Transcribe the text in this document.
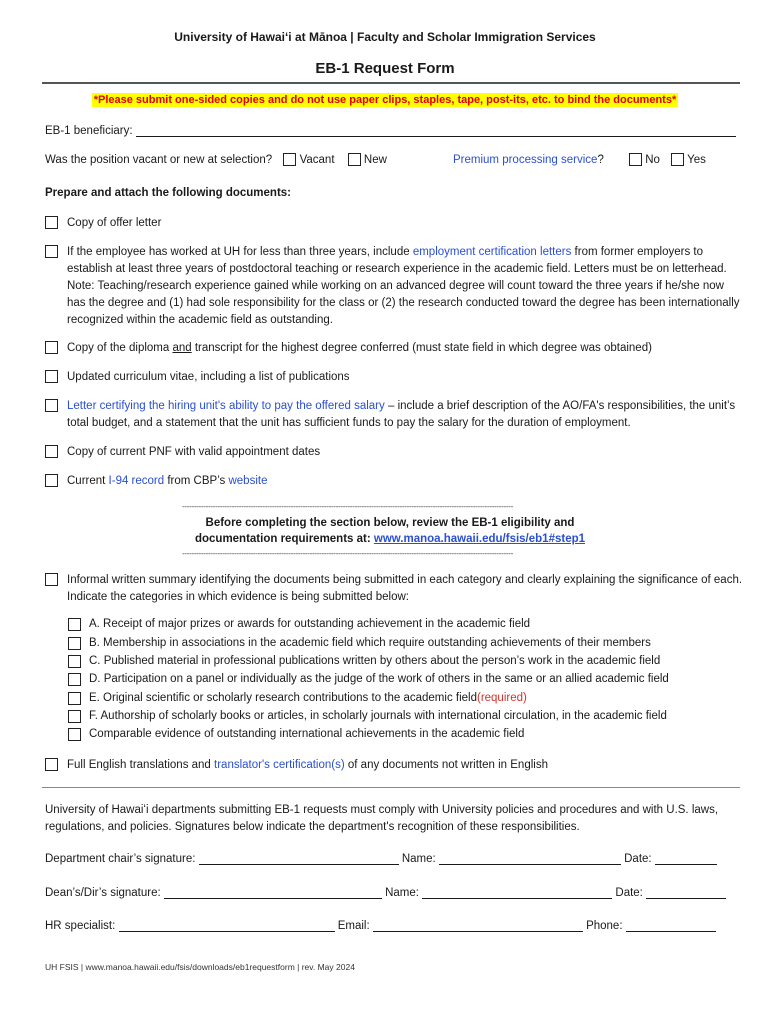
University of Hawaiʻi at Mānoa | Faculty and Scholar Immigration Services
EB-1 Request Form
*Please submit one-sided copies and do not use paper clips, staples, tape, post-its, etc. to bind the documents*
EB-1 beneficiary:
Was the position vacant or new at selection? Vacant	New	Premium processing service?	No Yes
Prepare and attach the following documents:
Copy of offer letter
If the employee has worked at UH for less than three years, include employment certification letters from former employers to establish at least three years of postdoctoral teaching or research experience in the academic field. Letters must be on letterhead. Note: Teaching/research experience gained while working on an advanced degree will count toward the three years if he/she now has the degree and (1) had sole responsibility for the class or (2) the research conducted toward the degree has been internationally recognized within the academic field as outstanding.
Copy of the diploma and transcript for the highest degree conferred (must state field in which degree was obtained)
Updated curriculum vitae, including a list of publications
Letter certifying the hiring unit's ability to pay the offered salary – include a brief description of the AO/FA's responsibilities, the unit’s total budget, and a statement that the unit has sufficient funds to pay the salary for the duration of employment.
Copy of current PNF with valid appointment dates
Current I-94 record from CBP’s website
--------------------------------------------------------------------------------------------------------------------------------------------
Before completing the section below, review the EB-1 eligibility and
documentation requirements at: www.manoa.hawaii.edu/fsis/eb1#step1
--------------------------------------------------------------------------------------------------------------------------------------------
Informal written summary identifying the documents being submitted in each category and clearly explaining the significance of each. Indicate the categories in which evidence is being submitted below:
A. Receipt of major prizes or awards for outstanding achievement in the academic field
B. Membership in associations in the academic field which require outstanding achievements of their members
C. Published material in professional publications written by others about the person’s work in the academic field
D. Participation on a panel or individually as the judge of the work of others in the same or an allied academic field
E. Original scientific or scholarly research contributions to the academic field (required)
F. Authorship of scholarly books or articles, in scholarly journals with international circulation, in the academic field
Comparable evidence of outstanding international achievements in the academic field
Full English translations and translator's certification(s) of any documents not written in English
University of Hawaiʻi departments submitting EB-1 requests must comply with University policies and procedures and with U.S. laws, regulations, and policies. Signatures below indicate the department's recognition of these responsibilities.
Department chair’s signature:	Name:	Date:
Dean’s/Dir’s signature:	Name:	Date:
HR specialist:	Email:	Phone:
UH FSIS | www.manoa.hawaii.edu/fsis/downloads/eb1requestform | rev. May 2024
